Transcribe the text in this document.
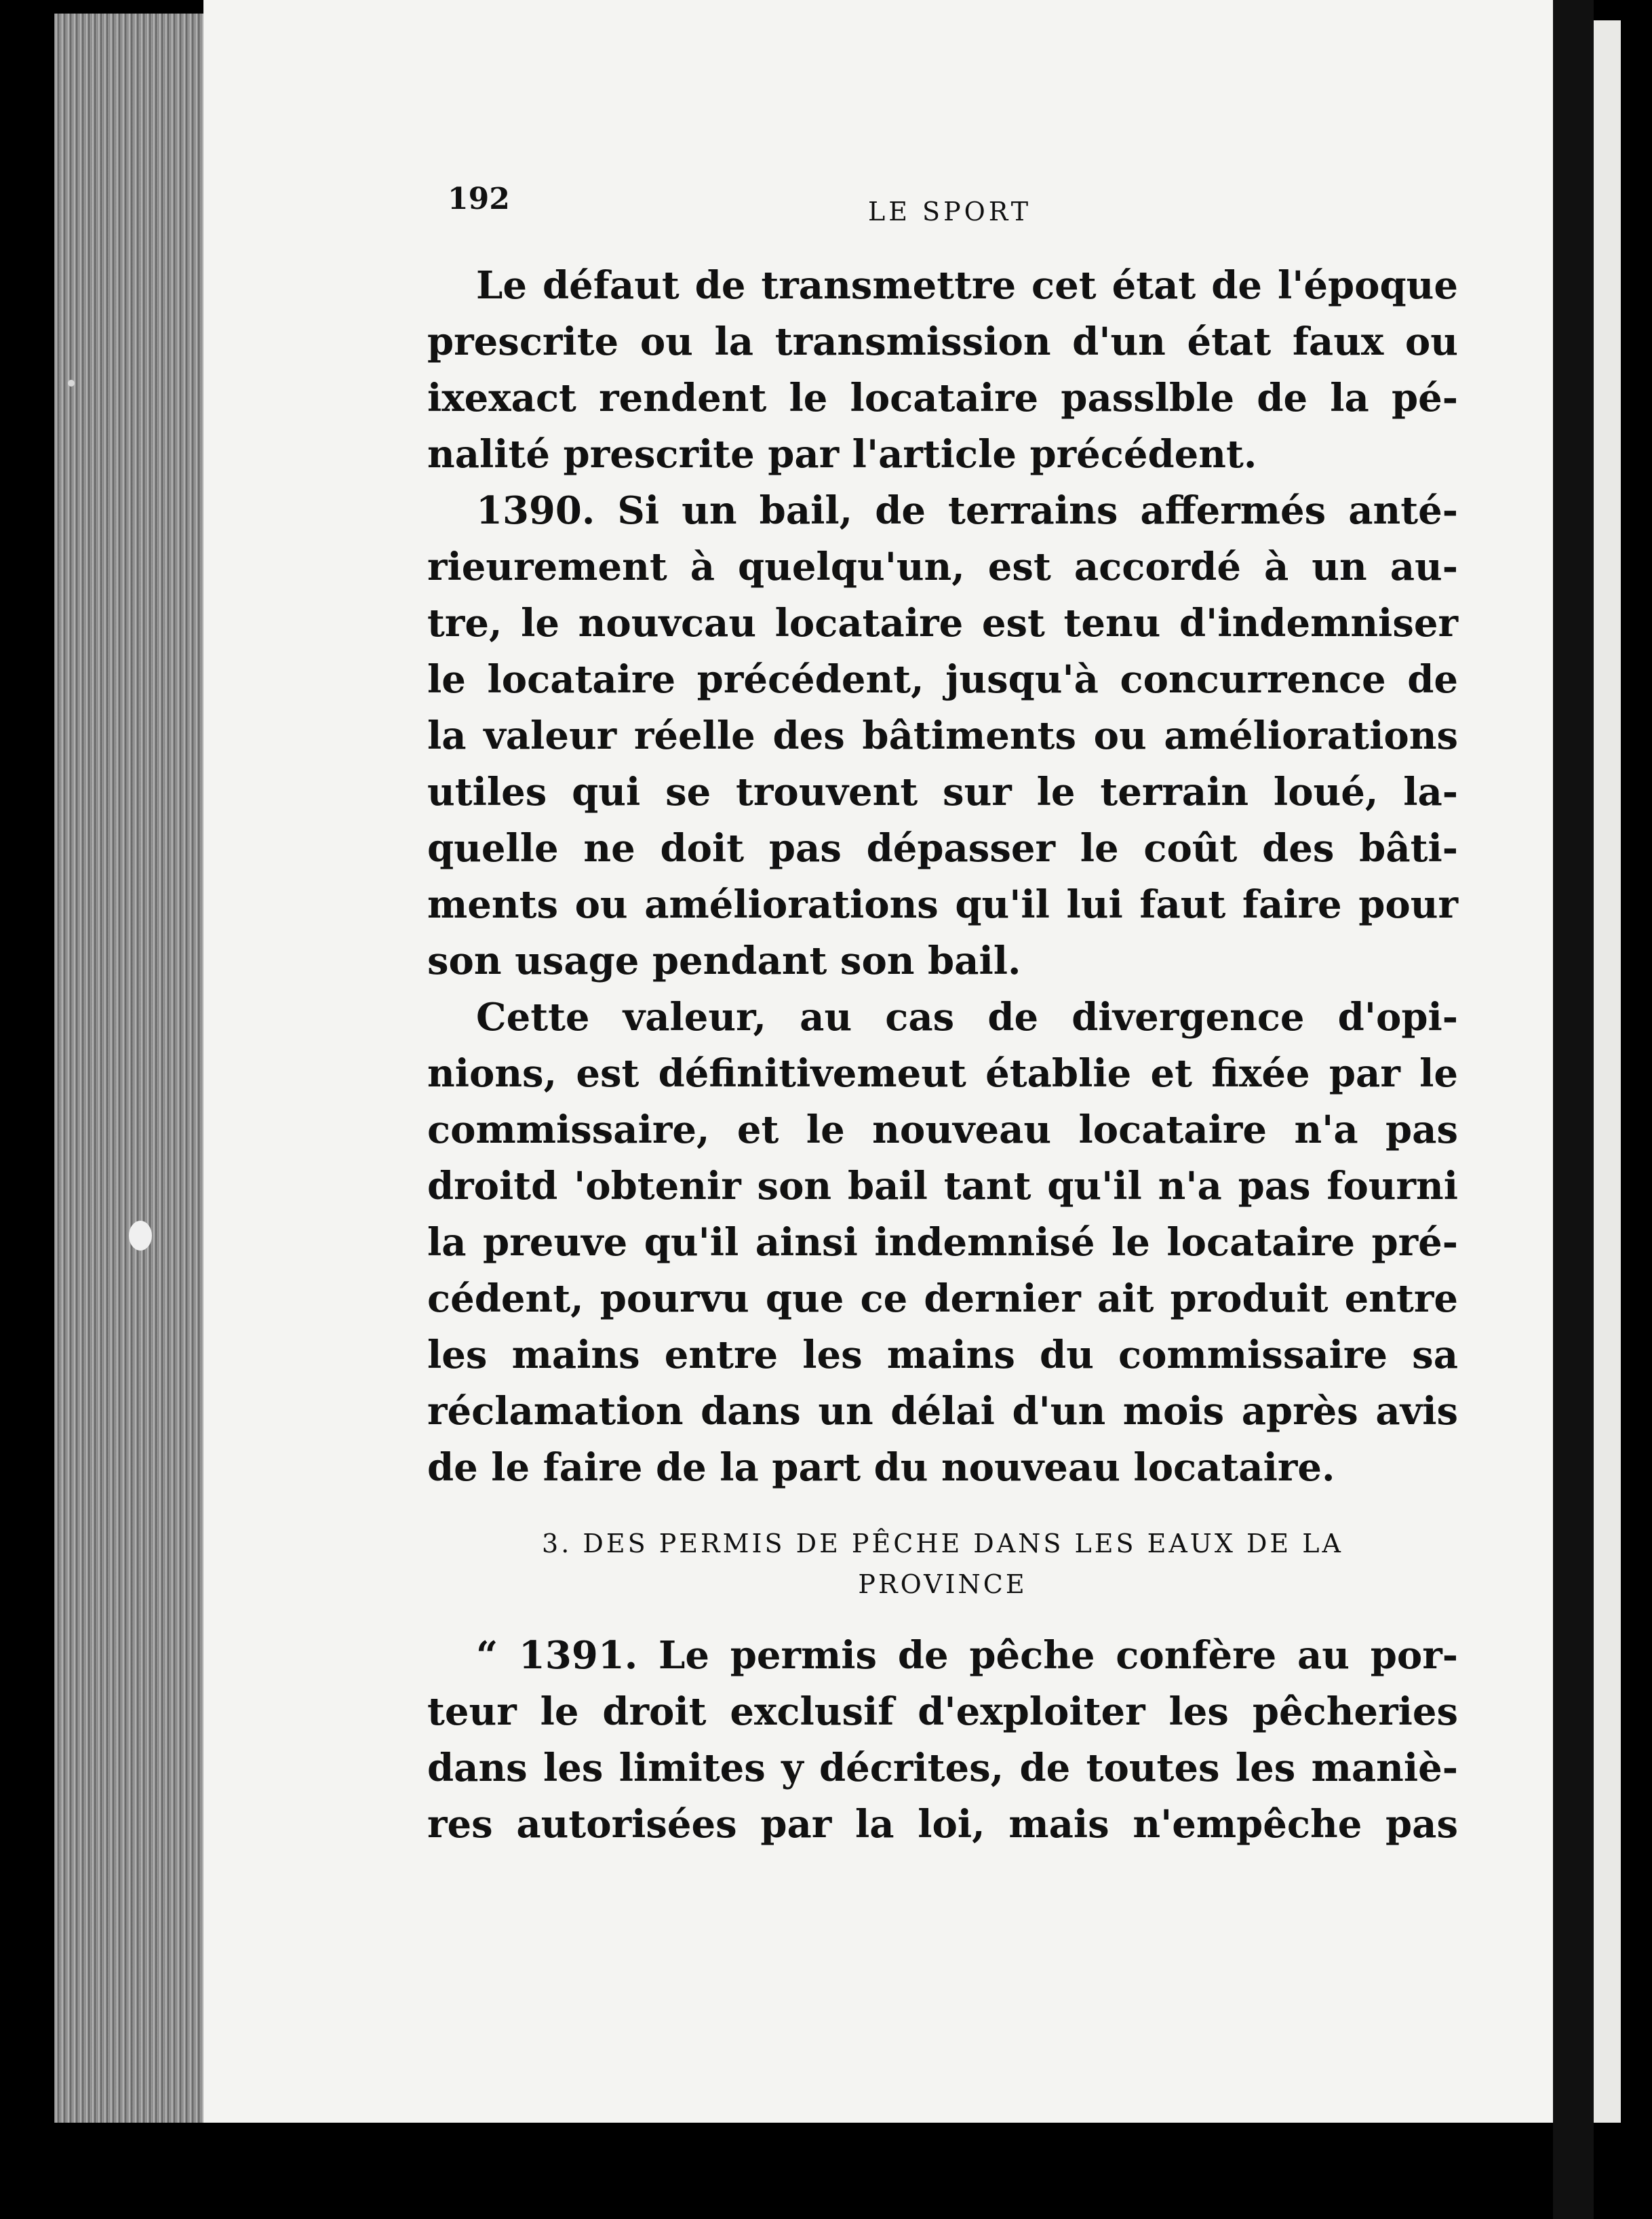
192	LE SPORT

Le défaut de transmettre cet état de l'époque
prescrite ou la transmission d'un état faux ou
ixexact rendent le locataire passlble de la pé-
nalité prescrite par l'article précédent.

1390. Si un bail, de terrains affermés anté-
rieurement à quelqu'un, est accordé à un au-
tre, le nouvcau locataire est tenu d'indemniser
le locataire précédent, jusqu'à concurrence de
la valeur réelle des bâtiments ou améliorations
utiles qui se trouvent sur le terrain loué, la-
quelle ne doit pas dépasser le coût des bâti-
ments ou améliorations qu'il lui faut faire pour
son usage pendant son bail.

Cette valeur, au cas de divergence d'opi-
nions, est définitivemeut établie et fixée par le
commissaire, et le nouveau locataire n'a pas
droitd 'obtenir son bail tant qu'il n'a pas fourni
la preuve qu'il ainsi indemnisé le locataire pré-
cédent, pourvu que ce dernier ait produit entre
les mains entre les mains du commissaire sa
réclamation dans un délai d'un mois après avis
de le faire de la part du nouveau locataire.

3. DES PERMIS DE PÊCHE DANS LES EAUX DE LA
PROVINCE

“ 1391. Le permis de pêche confère au por-
teur le droit exclusif d'exploiter les pêcheries
dans les limites y décrites, de toutes les maniè-
res autorisées par la loi, mais n'empêche pas
